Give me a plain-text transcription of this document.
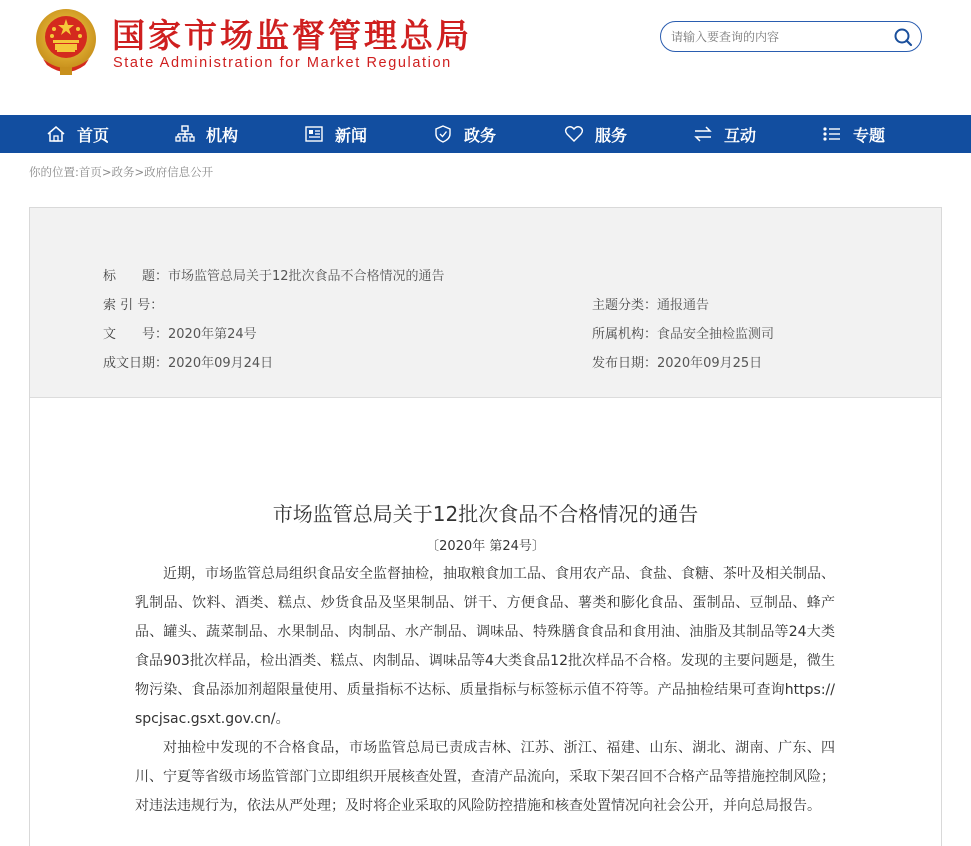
国家市场监督管理总局
State Administration for Market Regulation
请输入要查询的内容
首页	机构	新闻	政务	服务	互动	专题
你的位置:首页>政务>政府信息公开
标　　题：市场监管总局关于12批次食品不合格情况的通告
索 引 号：	主题分类：通报通告
文　　号：2020年第24号	所属机构：食品安全抽检监测司
成文日期：2020年09月24日	发布日期：2020年09月25日
市场监管总局关于12批次食品不合格情况的通告
〔2020年 第24号〕

近期，市场监管总局组织食品安全监督抽检，抽取粮食加工品、食用农产品、食盐、食糖、茶叶及相关制品、乳制品、饮料、酒类、糕点、炒货食品及坚果制品、饼干、方便食品、薯类和膨化食品、蛋制品、豆制品、蜂产品、罐头、蔬菜制品、水果制品、肉制品、水产制品、调味品、特殊膳食食品和食用油、油脂及其制品等24大类食品903批次样品，检出酒类、糕点、肉制品、调味品等4大类食品12批次样品不合格。发现的主要问题是，微生物污染、食品添加剂超限量使用、质量指标不达标、质量指标与标签标示值不符等。产品抽检结果可查询https://spcjsac.gsxt.gov.cn/。

对抽检中发现的不合格食品，市场监管总局已责成吉林、江苏、浙江、福建、山东、湖北、湖南、广东、四川、宁夏等省级市场监管部门立即组织开展核查处置，查清产品流向，采取下架召回不合格产品等措施控制风险；对违法违规行为，依法从严处理；及时将企业采取的风险防控措施和核查处置情况向社会公开，并向总局报告。
